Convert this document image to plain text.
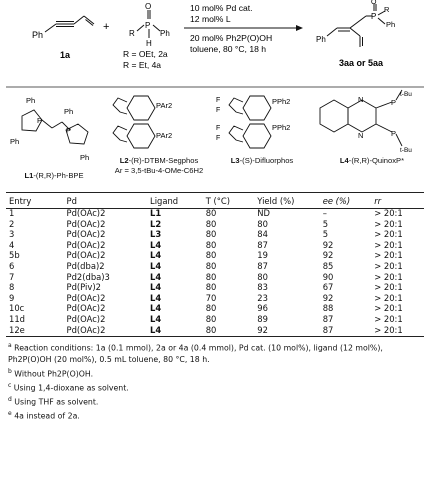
Ph
1a
+
O
P
R	Ph
H
R = OEt, 2a
R = Et, 4a
10 mol% Pd cat.
12 mol% L
20 mol% Ph2P(O)OH
toluene, 80 °C, 18 h
Ph
P
O
R
Ph
3aa or 5aa
Ph
Ph
Ph
Ph
P
P
PAr2
PAr2
F
F
F
F
PPh2
PPh2
N
N
P
P
t-Bu
t-Bu
L1-(R,R)-Ph-BPE
L2-(R)-DTBM-Segphos
Ar = 3,5-tBu-4-OMe-C6H2
L3-(S)-Difluorphos	L4-(R,R)-QuinoxP*
Entry	Pd	Ligand	T (°C)	Yield (%)	ee (%)	rr
1	Pd(OAc)2	L1	80	ND	–	> 20:1
2	Pd(OAc)2	L2	80	80	5	> 20:1
3	Pd(OAc)2	L3	80	84	5	> 20:1
4	Pd(OAc)2	L4	80	87	92	> 20:1
5b	Pd(OAc)2	L4	80	19	92	> 20:1
6	Pd(dba)2	L4	80	87	85	> 20:1
7	Pd2(dba)3	L4	80	80	90	> 20:1
8	Pd(Piv)2	L4	80	83	67	> 20:1
9	Pd(OAc)2	L4	70	23	92	> 20:1
10c	Pd(OAc)2	L4	80	96	88	> 20:1
11d	Pd(OAc)2	L4	80	89	87	> 20:1
12e	Pd(OAc)2	L4	80	92	87	> 20:1

$^a$ Reaction conditions: 1a (0.1 mmol), 2a or 4a (0.4 mmol), Pd cat. (10 mol%), ligand (12 mol%), Ph2P(O)OH (20 mol%), 0.5 mL toluene, 80 °C, 18 h.

$^b$ Without Ph2P(O)OH.

$^c$ Using 1,4-dioxane as solvent.

$^d$ Using THF as solvent.

$^e$ 4a instead of 2a.
